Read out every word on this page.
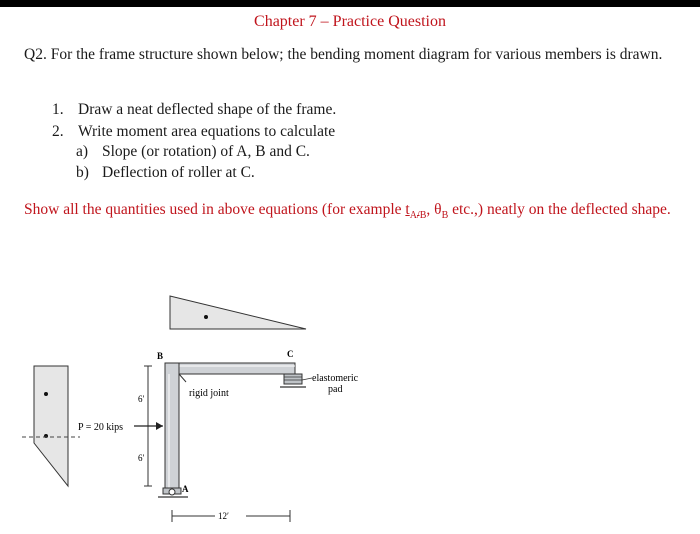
Chapter 7 – Practice Question
Q2. For the frame structure shown below; the bending moment diagram for various members is drawn.
1. Draw a neat deflected shape of the frame.
2. Write moment area equations to calculate
a) Slope (or rotation) of A, B and C.
b) Deflection of roller at C.
Show all the quantities used in above equations (for example $t_{A/B}$, $\theta_B$ etc.,) neatly on the deflected shape.
B	C
A
rigid joint
elastomeric
pad
P = 20 kips
6′
6′
12′
